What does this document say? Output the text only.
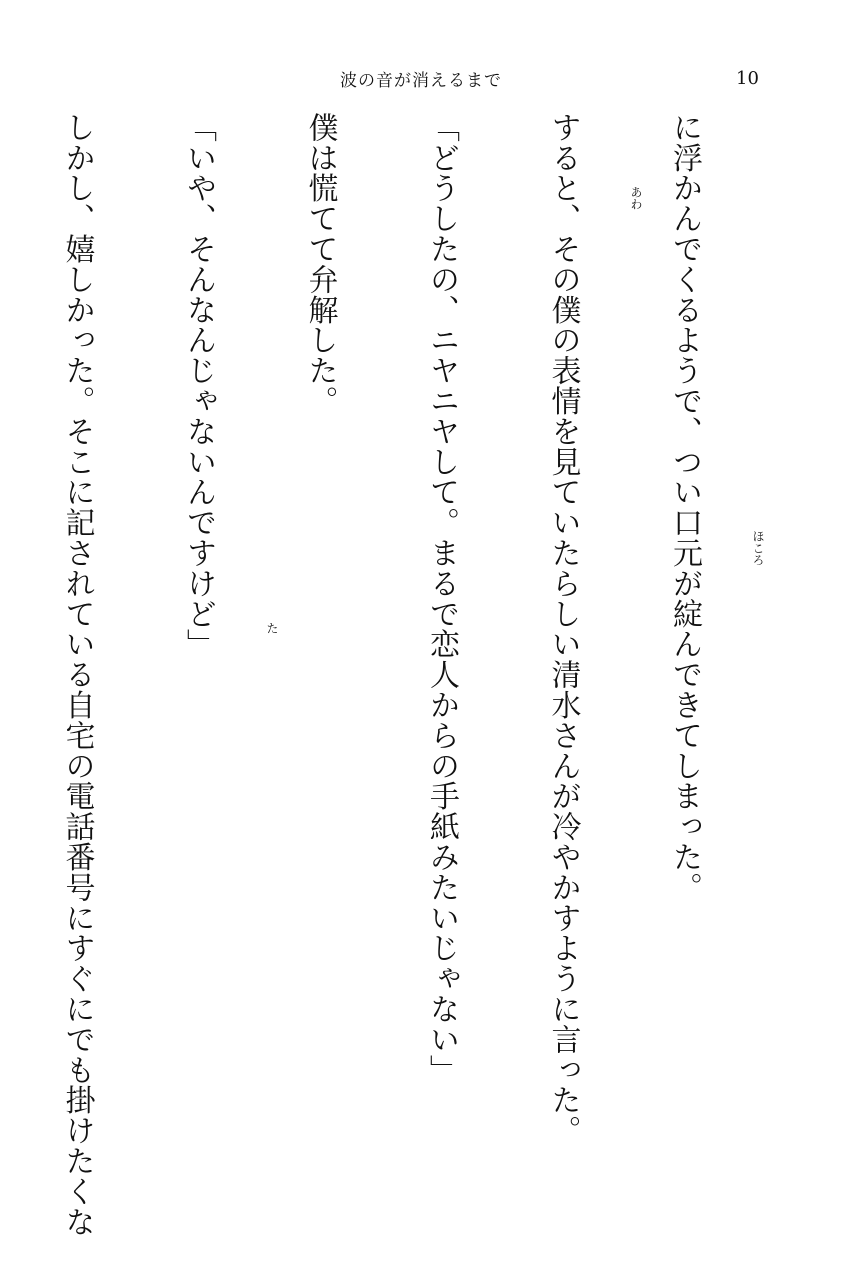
波の音が消えるまで	10

に浮かんでくるようで、つい口元が綻んできてしまった。

すると、その僕の表情を見ていたらしい清水さんが冷やかすように言った。

「どうしたの、ニヤニヤして。まるで恋人からの手紙みたいじゃない」

僕は慌てて弁解した。

「いや、そんなんじゃないんですけど」

しかし、嬉しかった。そこに記されている自宅の電話番号にすぐにでも掛けたくな

	ほころ
あわ
た
